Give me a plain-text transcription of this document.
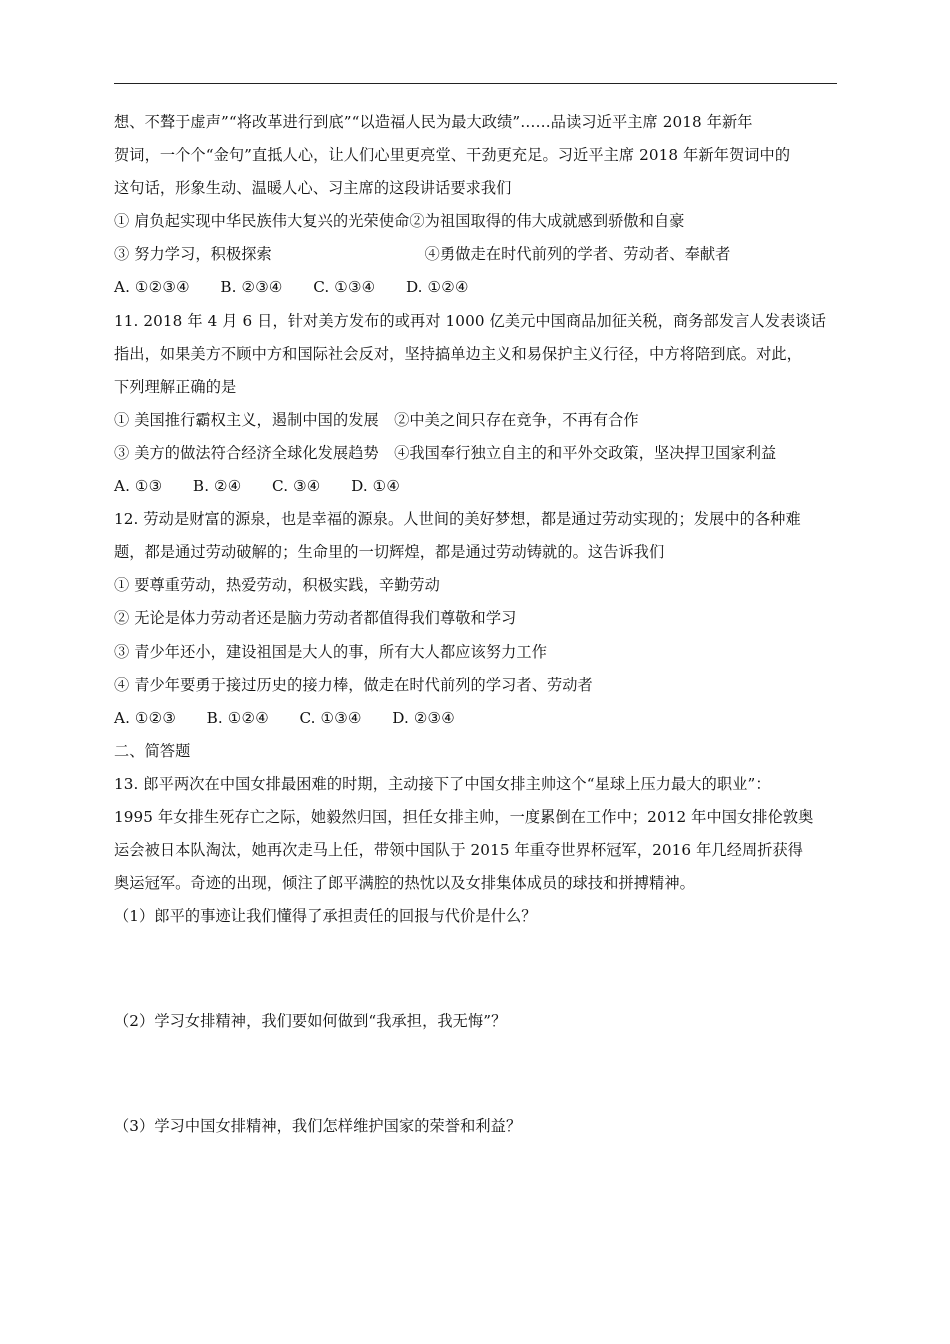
想、不聱于虚声”“将改革进行到底”“以造福人民为最大政绩”……品读习近平主席 2018 年新年
贺词，一个个“金句”直抵人心，让人们心里更亮堂、干劲更充足。习近平主席 2018 年新年贺词中的
这句话，形象生动、温暖人心、习主席的这段讲话要求我们
① 肩负起实现中华民族伟大复兴的光荣使命②为祖国取得的伟大成就感到骄傲和自豪
③ 努力学习，积极探索　　　　　　　　　　④勇做走在时代前列的学者、劳动者、奉献者
A. ①②③④　　B. ②③④　　C. ①③④　　D. ①②④
11. 2018 年 4 月 6 日，针对美方发布的或再对 1000 亿美元中国商品加征关税，商务部发言人发表谈话
指出，如果美方不顾中方和国际社会反对，坚持搞单边主义和易保护主义行径，中方将陪到底。对此，
下列理解正确的是
① 美国推行霸权主义，遏制中国的发展　②中美之间只存在竞争，不再有合作
③ 美方的做法符合经济全球化发展趋势　④我国奉行独立自主的和平外交政策，坚决捍卫国家利益
A. ①③　　B. ②④　　C. ③④　　D. ①④
12. 劳动是财富的源泉，也是幸福的源泉。人世间的美好梦想，都是通过劳动实现的；发展中的各种难
题，都是通过劳动破解的；生命里的一切辉煌，都是通过劳动铸就的。这告诉我们
① 要尊重劳动，热爱劳动，积极实践，辛勤劳动
② 无论是体力劳动者还是脑力劳动者都值得我们尊敬和学习
③ 青少年还小，建设祖国是大人的事，所有大人都应该努力工作
④ 青少年要勇于接过历史的接力棒，做走在时代前列的学习者、劳动者
A. ①②③　　B. ①②④　　C. ①③④　　D. ②③④
二、简答题
13. 郎平两次在中国女排最困难的时期，主动接下了中国女排主帅这个“星球上压力最大的职业”：
1995 年女排生死存亡之际，她毅然归国，担任女排主帅，一度累倒在工作中；2012 年中国女排伦敦奥
运会被日本队淘汰，她再次走马上任，带领中国队于 2015 年重夺世界杯冠军，2016 年几经周折获得
奥运冠军。奇迹的出现，倾注了郎平满腔的热忱以及女排集体成员的球技和拼搏精神。
（1）郎平的事迹让我们懂得了承担责任的回报与代价是什么？
（2）学习女排精神，我们要如何做到“我承担，我无悔”？
（3）学习中国女排精神，我们怎样维护国家的荣誉和利益？
